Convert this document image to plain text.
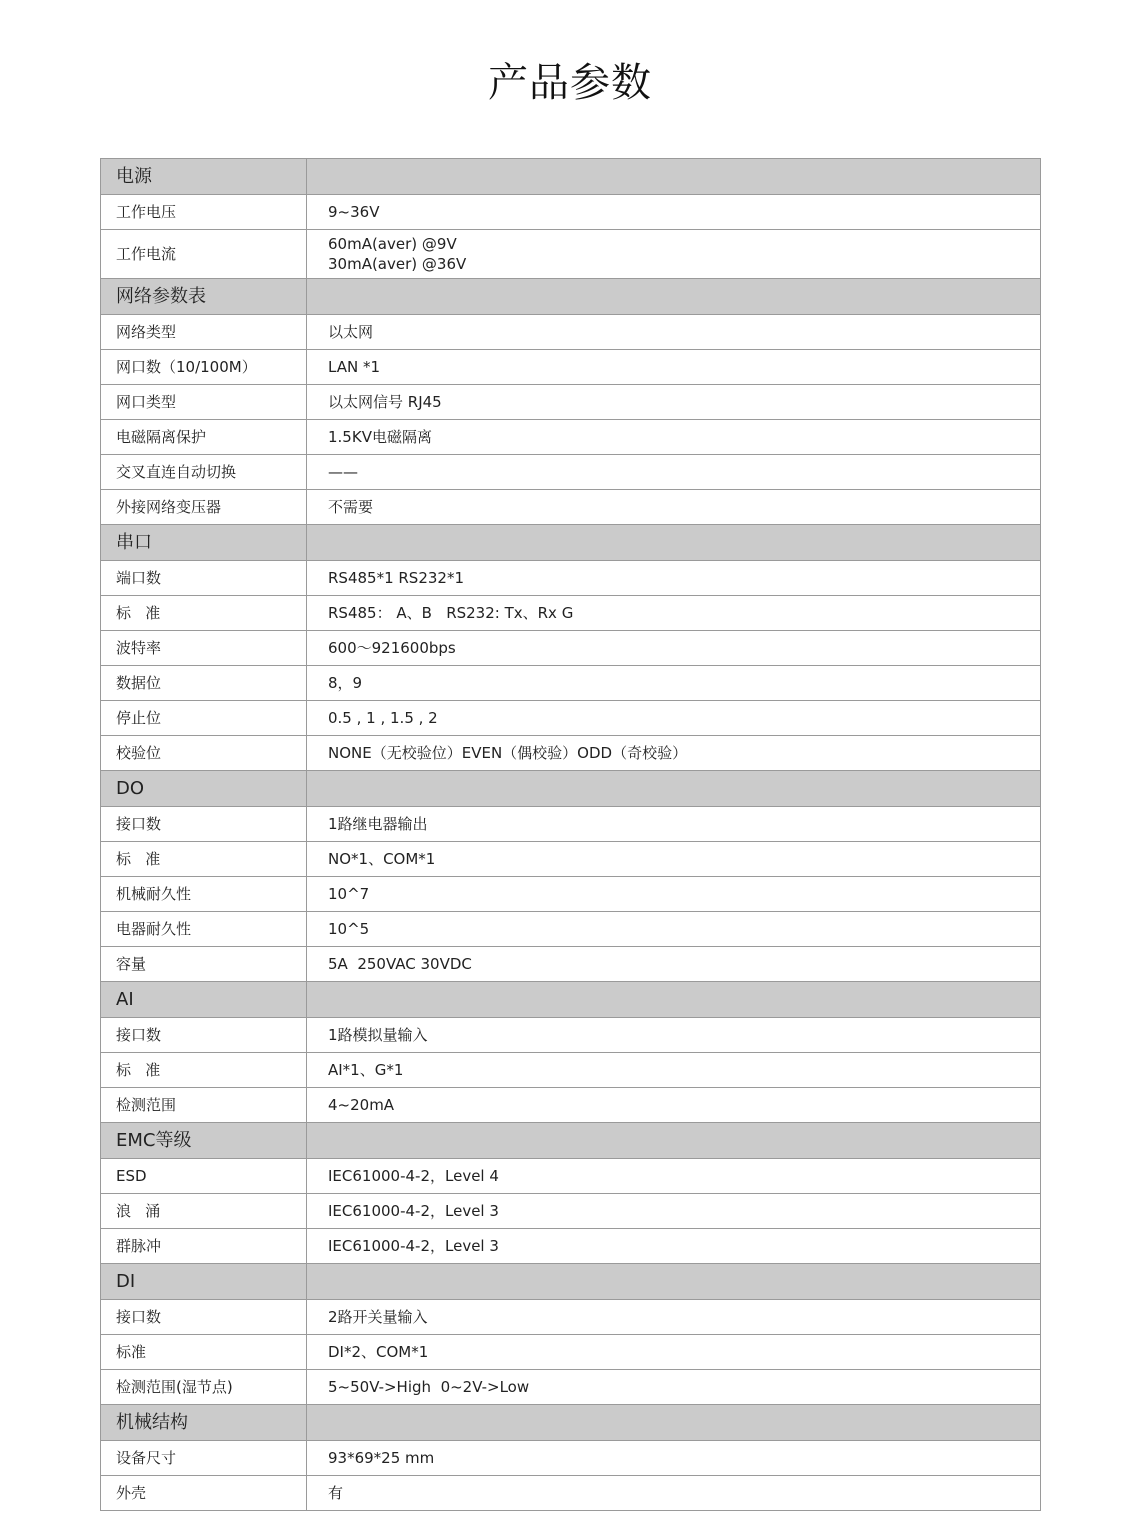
产品参数
电源	
工作电压	9~36V

工作电流	60mA(aver) @9V
30mA(aver) @36V

网络参数表	
网络类型	以太网

网口数（10/100M）	LAN *1

网口类型	以太网信号 RJ45

电磁隔离保护	1.5KV电磁隔离

交叉直连自动切换	——

外接网络变压器	不需要

串口	
端口数	RS485*1 RS232*1

标   准	RS485： A、B   RS232: Tx、Rx G

波特率	600～921600bps

数据位	8，9

停止位	0.5 , 1 , 1.5 , 2

校验位	NONE（无校验位）EVEN（偶校验）ODD（奇校验）

DO	
接口数	1路继电器输出

标   准	NO*1、COM*1

机械耐久性	10^7

电器耐久性	10^5

容量	5A  250VAC 30VDC

AI	
接口数	1路模拟量输入

标   准	AI*1、G*1

检测范围	4~20mA

EMC等级	
ESD	IEC61000-4-2，Level 4

浪   涌	IEC61000-4-2，Level 3

群脉冲	IEC61000-4-2，Level 3

DI	
接口数	2路开关量输入

标准	DI*2、COM*1

检测范围(湿节点)	5~50V->High  0~2V->Low

机械结构	
设备尺寸	93*69*25 mm

外壳	有
